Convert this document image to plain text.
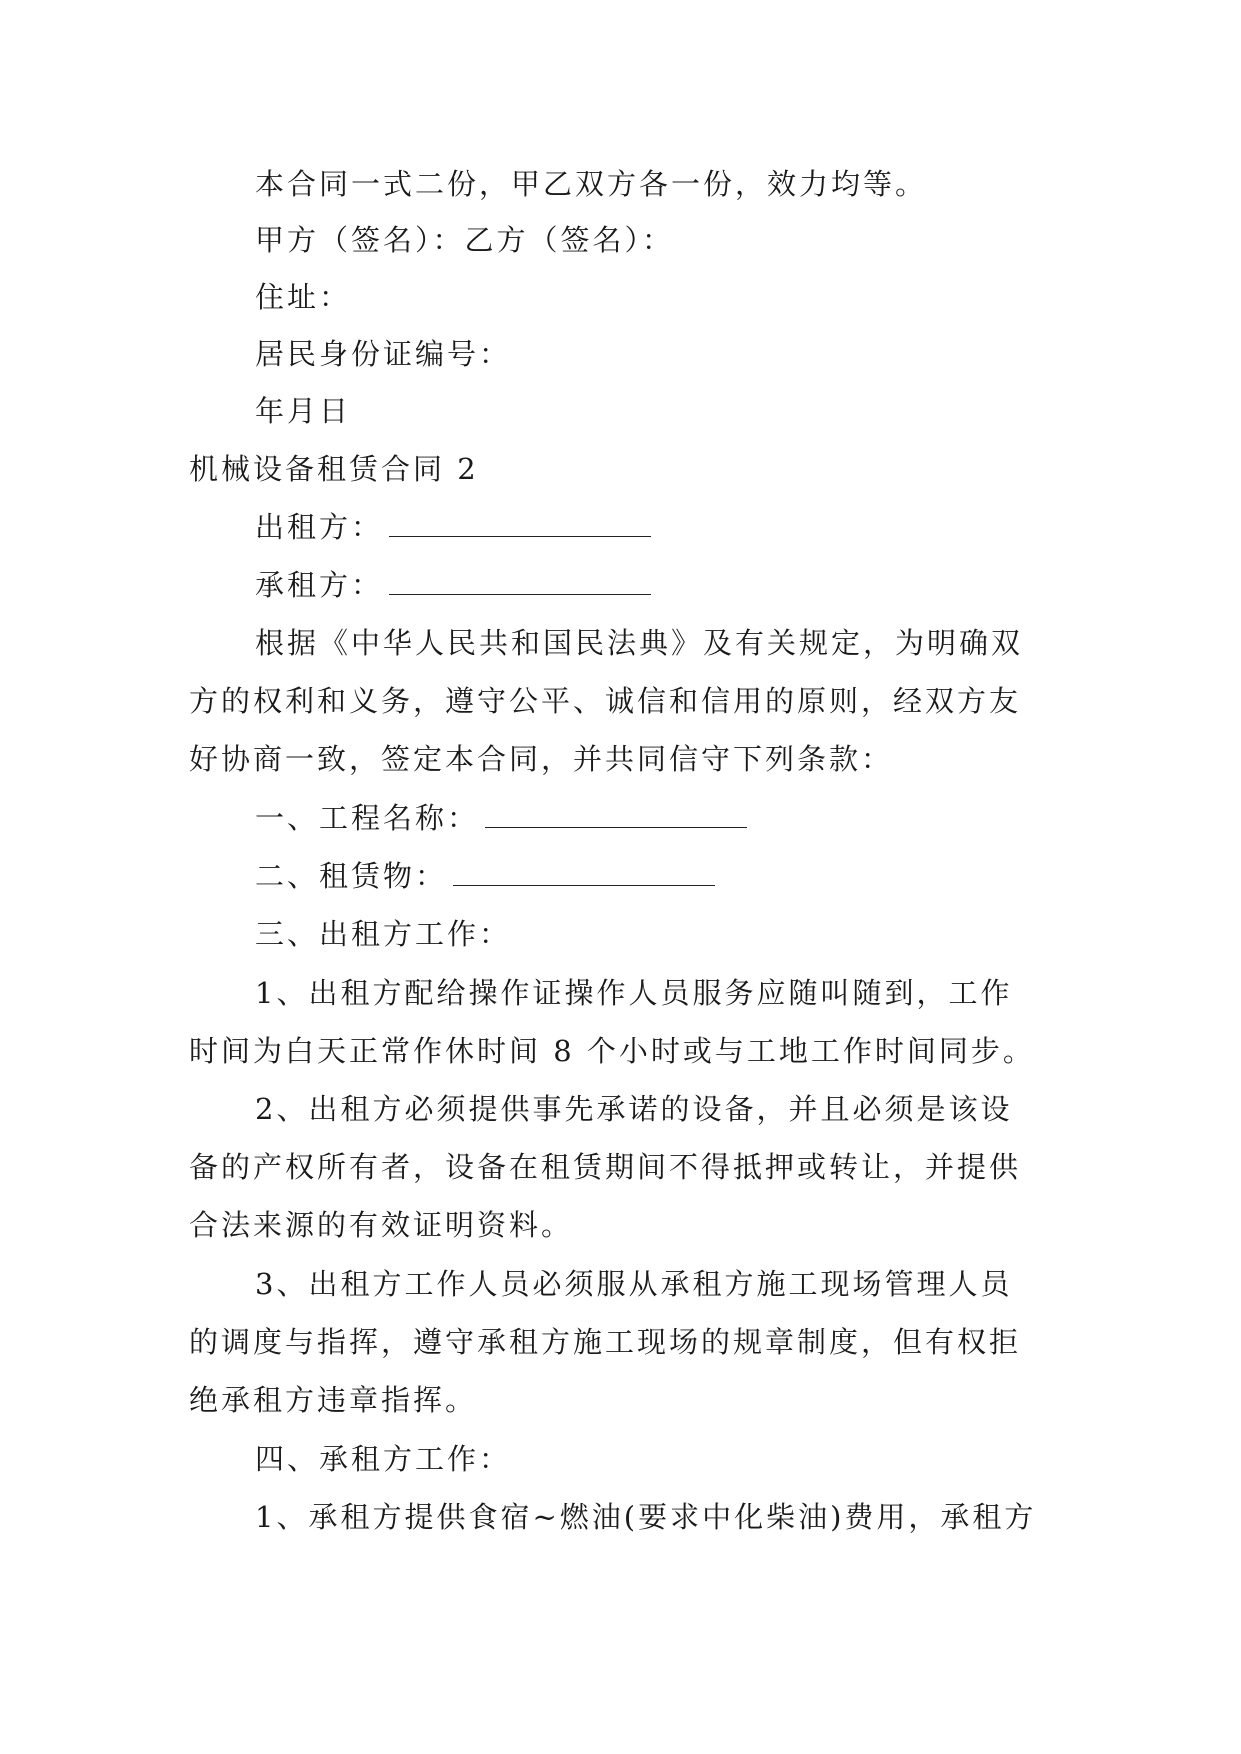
本合同一式二份，甲乙双方各一份，效力均等。
甲方（签名）：乙方（签名）：
住址：
居民身份证编号：
年月日
机械设备租赁合同 2
出租方：
承租方：
根据《中华人民共和国民法典》及有关规定，为明确双
方的权利和义务，遵守公平、诚信和信用的原则，经双方友
好协商一致，签定本合同，并共同信守下列条款：
一、工程名称：
二、租赁物：
三、出租方工作：
1、出租方配给操作证操作人员服务应随叫随到，工作
时间为白天正常作休时间 8 个小时或与工地工作时间同步。
2、出租方必须提供事先承诺的设备，并且必须是该设
备的产权所有者，设备在租赁期间不得抵押或转让，并提供
合法来源的有效证明资料。
3、出租方工作人员必须服从承租方施工现场管理人员
的调度与指挥，遵守承租方施工现场的规章制度，但有权拒
绝承租方违章指挥。
四、承租方工作：
1、承租方提供食宿~燃油(要求中化柴油)费用，承租方
